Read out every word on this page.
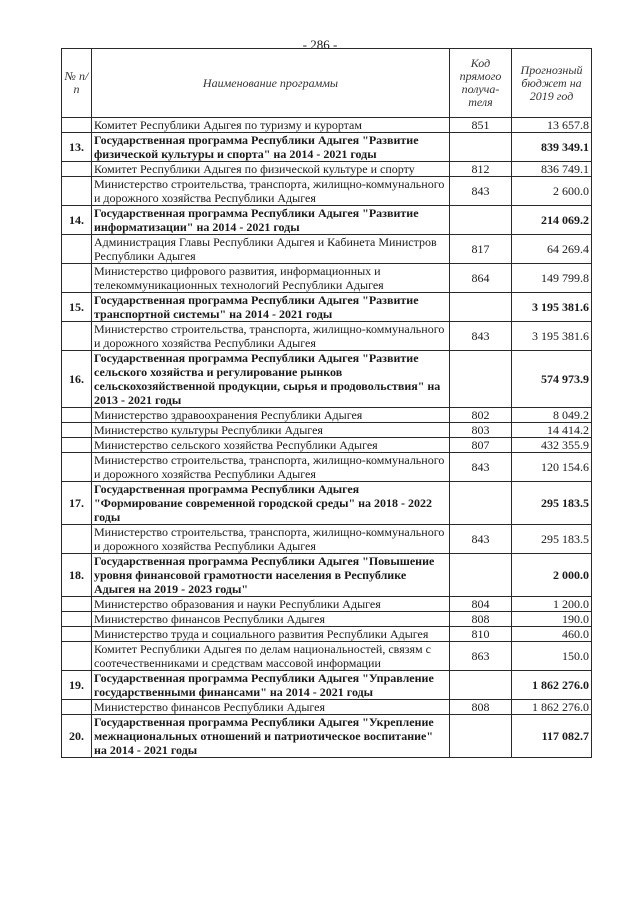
- 286 -
№ п/п	Наименование программы	Код прямого получа-теля	Прогнозный бюджет на 2019 год
	Комитет Республики Адыгея по туризму и курортам	851	13 657.8
13.	Государственная программа Республики Адыгея "Развитие физической культуры и спорта" на 2014 - 2021 годы		839 349.1
	Комитет Республики Адыгея по физической культуре и спорту	812	836 749.1
	Министерство строительства, транспорта, жилищно-коммунального и дорожного хозяйства Республики Адыгея	843	2 600.0
14.	Государственная программа Республики Адыгея "Развитие информатизации" на 2014 - 2021 годы		214 069.2
	Администрация Главы Республики Адыгея и Кабинета Министров Республики Адыгея	817	64 269.4
	Министерство цифрового развития, информационных и телекоммуникационных технологий Республики Адыгея	864	149 799.8
15.	Государственная программа Республики Адыгея "Развитие транспортной системы" на 2014 - 2021 годы		3 195 381.6
	Министерство строительства, транспорта, жилищно-коммунального и дорожного хозяйства Республики Адыгея	843	3 195 381.6
16.	Государственная программа Республики Адыгея "Развитие сельского хозяйства и регулирование рынков сельскохозяйственной продукции, сырья и продовольствия" на 2013 - 2021 годы		574 973.9
	Министерство здравоохранения Республики Адыгея	802	8 049.2
	Министерство культуры Республики Адыгея	803	14 414.2
	Министерство сельского хозяйства Республики Адыгея	807	432 355.9
	Министерство строительства, транспорта, жилищно-коммунального и дорожного хозяйства Республики Адыгея	843	120 154.6
17.	Государственная программа Республики Адыгея "Формирование современной городской среды" на 2018 - 2022 годы		295 183.5
	Министерство строительства, транспорта, жилищно-коммунального и дорожного хозяйства Республики Адыгея	843	295 183.5
18.	Государственная программа Республики Адыгея "Повышение уровня финансовой грамотности населения в Республике Адыгея на 2019 - 2023 годы"		2 000.0
	Министерство образования и науки Республики Адыгея	804	1 200.0
	Министерство финансов Республики Адыгея	808	190.0
	Министерство труда и социального развития Республики Адыгея	810	460.0
	Комитет Республики Адыгея по делам национальностей, связям с соотечественниками и средствам массовой информации	863	150.0
19.	Государственная программа Республики Адыгея "Управление государственными финансами" на 2014 - 2021 годы		1 862 276.0
	Министерство финансов Республики Адыгея	808	1 862 276.0
20.	Государственная программа Республики Адыгея "Укрепление межнациональных отношений и патриотическое воспитание" на 2014 - 2021 годы		117 082.7
